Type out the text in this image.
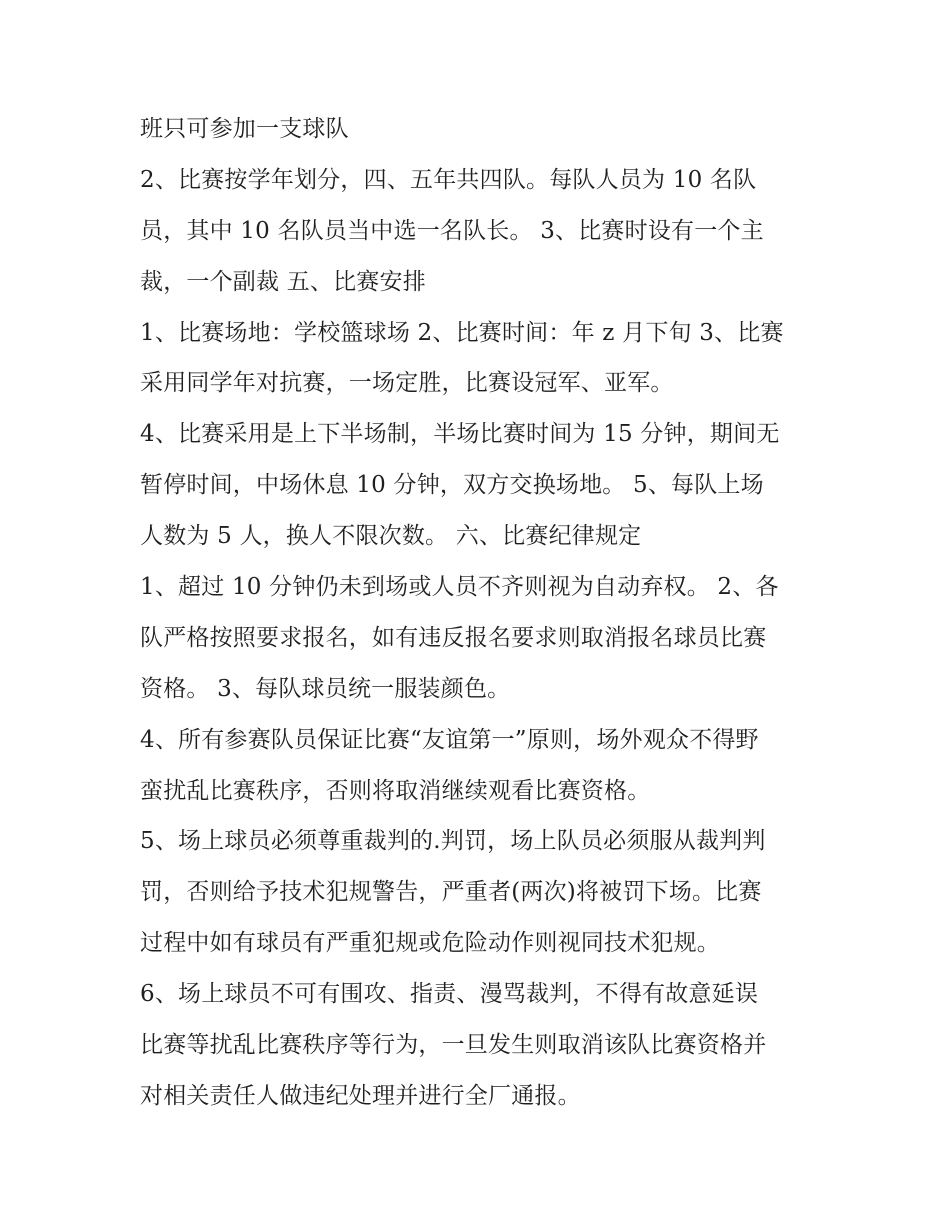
班只可参加一支球队
2、比赛按学年划分，四、五年共四队。每队人员为 10 名队
员，其中 10 名队员当中选一名队长。 3、比赛时设有一个主
裁，一个副裁 五、比赛安排
1、比赛场地：学校篮球场 2、比赛时间：年 z 月下旬 3、比赛
采用同学年对抗赛，一场定胜，比赛设冠军、亚军。
4、比赛采用是上下半场制，半场比赛时间为 15 分钟，期间无
暂停时间，中场休息 10 分钟，双方交换场地。 5、每队上场
人数为 5 人，换人不限次数。 六、比赛纪律规定
1、超过 10 分钟仍未到场或人员不齐则视为自动弃权。 2、各
队严格按照要求报名，如有违反报名要求则取消报名球员比赛
资格。 3、每队球员统一服装颜色。
4、所有参赛队员保证比赛“友谊第一”原则，场外观众不得野
蛮扰乱比赛秩序，否则将取消继续观看比赛资格。
5、场上球员必须尊重裁判的.判罚，场上队员必须服从裁判判
罚，否则给予技术犯规警告，严重者(两次)将被罚下场。比赛
过程中如有球员有严重犯规或危险动作则视同技术犯规。
6、场上球员不可有围攻、指责、漫骂裁判，不得有故意延误
比赛等扰乱比赛秩序等行为，一旦发生则取消该队比赛资格并
对相关责任人做违纪处理并进行全厂通报。
